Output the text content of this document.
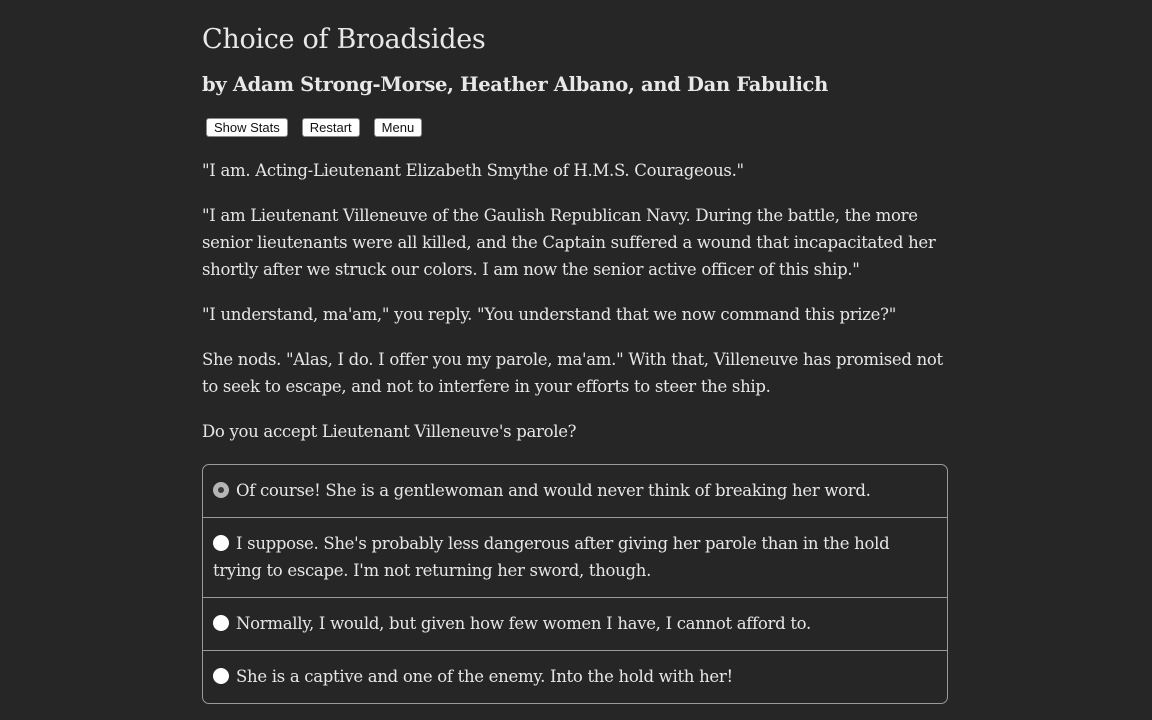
Choice of Broadsides
by Adam Strong-Morse, Heather Albano, and Dan Fabulich
Show Stats	Restart	Menu

"I am. Acting-Lieutenant Elizabeth Smythe of H.M.S. Courageous."

"I am Lieutenant Villeneuve of the Gaulish Republican Navy. During the battle, the more senior lieutenants were all killed, and the Captain suffered a wound that incapacitated her shortly after we struck our colors. I am now the senior active officer of this ship."

"I understand, ma'am," you reply. "You understand that we now command this prize?"

She nods. "Alas, I do. I offer you my parole, ma'am." With that, Villeneuve has promised not to seek to escape, and not to interfere in your efforts to steer the ship.

Do you accept Lieutenant Villeneuve's parole?

Of course! She is a gentlewoman and would never think of breaking her word.
I suppose. She's probably less dangerous after giving her parole than in the hold trying to escape. I'm not returning her sword, though.
Normally, I would, but given how few women I have, I cannot afford to.
She is a captive and one of the enemy. Into the hold with her!
